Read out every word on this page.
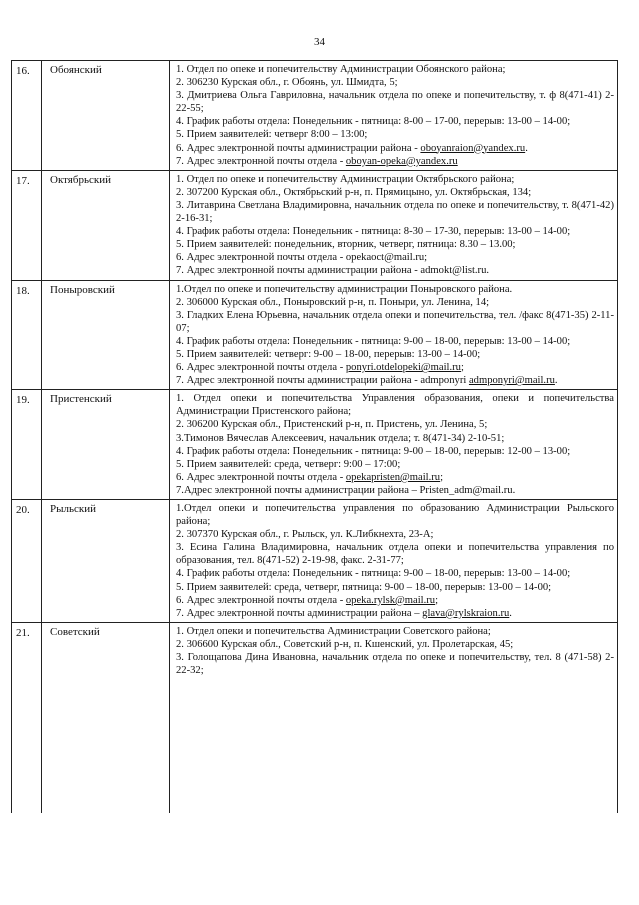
34
16.	Обоянский	1. Отдел по опеке и попечительству Администрации Обоянского района;
2. 306230 Курская обл., г. Обоянь, ул. Шмидта, 5;
3. Дмитриева Ольга Гавриловна, начальник отдела по опеке и попечительству, т. ф 8(471-41) 2-22-55;
4. График работы отдела: Понедельник - пятница: 8-00 – 17-00, перерыв: 13-00 – 14-00;
5. Прием заявителей: четверг 8:00 – 13:00;
6. Адрес электронной почты администрации района - oboyanraion@yandex.ru.
7. Адрес электронной почты отдела - oboyan-opeka@yandex.ru
17.	Октябрьский	1. Отдел по опеке и попечительству Администрации Октябрьского района;
2. 307200 Курская обл., Октябрьский р-н, п. Прямицыно, ул. Октябрьская, 134;
3. Литаврина Светлана Владимировна, начальник отдела по опеке и попечительству, т. 8(471-42) 2-16-31;
4. График работы отдела: Понедельник - пятница: 8-30 – 17-30, перерыв: 13-00 – 14-00;
5. Прием заявителей: понедельник, вторник, четверг, пятница: 8.30 – 13.00;
6. Адрес электронной почты отдела - opekaoct@mail.ru;
7. Адрес электронной почты администрации района - admokt@list.ru.
18.	Поныровский	1.Отдел по опеке и попечительству администрации Поныровского района.
2. 306000 Курская обл., Поныровский р-н, п. Поныри, ул. Ленина, 14;
3. Гладких Елена Юрьевна, начальник отдела опеки и попечительства, тел. /факс 8(471-35) 2-11-07;
4. График работы отдела: Понедельник - пятница: 9-00 – 18-00, перерыв: 13-00 – 14-00;
5. Прием заявителей: четверг: 9-00 – 18-00, перерыв: 13-00 – 14-00;
6. Адрес электронной почты отдела - ponyri.otdelopeki@mail.ru;
7. Адрес электронной почты администрации района - admponyri admponyri@mail.ru.
19.	Пристенский	1. Отдел опеки и попечительства Управления образования, опеки и попечительства Администрации Пристенского района;
2. 306200 Курская обл., Пристенский р-н, п. Пристень, ул. Ленина, 5;
3.Тимонов Вячеслав Алексеевич, начальник отдела; т. 8(471-34) 2-10-51;
4. График работы отдела: Понедельник - пятница: 9-00 – 18-00, перерыв: 12-00 – 13-00;
5. Прием заявителей: среда, четверг: 9:00 – 17:00;
6. Адрес электронной почты отдела - opekapristen@mail.ru;
7.Адрес электронной почты администрации района – Pristen_adm@mail.ru.
20.	Рыльский	1.Отдел опеки и попечительства управления по образованию Администрации Рыльского района;
2. 307370 Курская обл., г. Рыльск, ул. К.Либкнехта, 23-А;
3. Есина Галина Владимировна, начальник отдела опеки и попечительства управления по образования, тел. 8(471-52) 2-19-98, факс. 2-31-77;
4. График работы отдела: Понедельник - пятница: 9-00 – 18-00, перерыв: 13-00 – 14-00;
5. Прием заявителей: среда, четверг, пятница: 9-00 – 18-00, перерыв: 13-00 – 14-00;
6. Адрес электронной почты отдела - opeka.rylsk@mail.ru;
7. Адрес электронной почты администрации района – glava@rylskraion.ru.
21.	Советский	1. Отдел опеки и попечительства Администрации Советского района;
2. 306600 Курская обл., Советский р-н, п. Кшенский, ул. Пролетарская, 45;
3. Голощапова Дина Ивановна, начальник отдела по опеке и попечительству, тел. 8 (471-58) 2-22-32;
